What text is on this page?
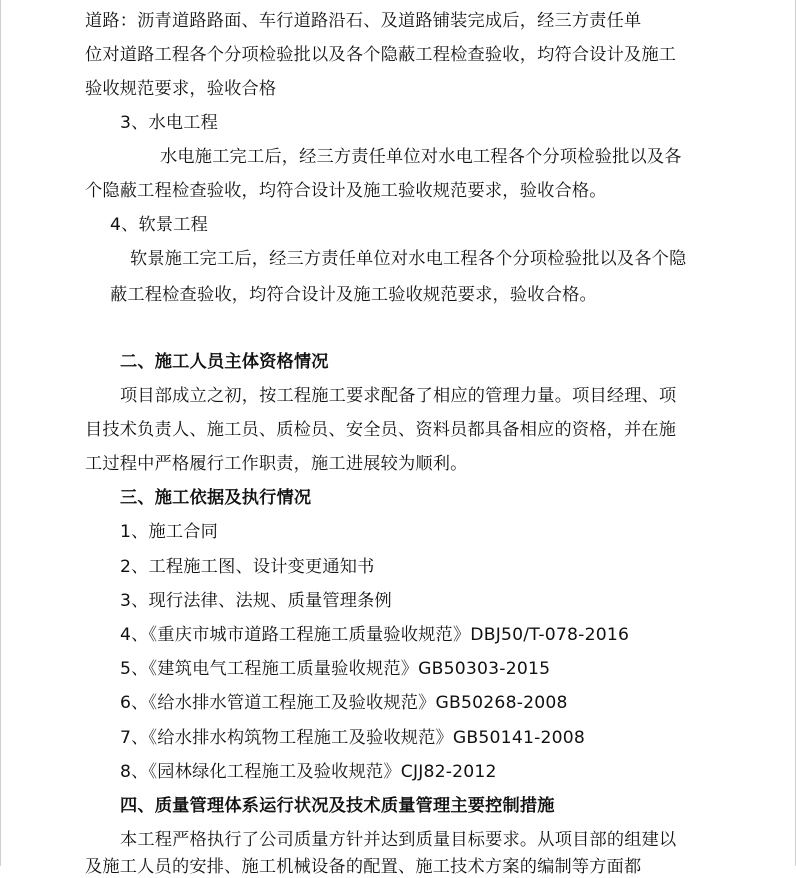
道路：沥青道路路面、车行道路沿石、及道路铺装完成后，经三方责任单
位对道路工程各个分项检验批以及各个隐蔽工程检查验收，均符合设计及施工
验收规范要求，验收合格
3、水电工程
水电施工完工后，经三方责任单位对水电工程各个分项检验批以及各
个隐蔽工程检查验收，均符合设计及施工验收规范要求，验收合格。
4、软景工程
软景施工完工后，经三方责任单位对水电工程各个分项检验批以及各个隐
蔽工程检查验收，均符合设计及施工验收规范要求，验收合格。
二、施工人员主体资格情况
项目部成立之初，按工程施工要求配备了相应的管理力量。项目经理、项
目技术负责人、施工员、质检员、安全员、资料员都具备相应的资格，并在施
工过程中严格履行工作职责，施工进展较为顺利。
三、施工依据及执行情况
1、施工合同
2、工程施工图、设计变更通知书
3、现行法律、法规、质量管理条例
4、《重庆市城市道路工程施工质量验收规范》DBJ50/T-078-2016
5、《建筑电气工程施工质量验收规范》GB50303-2015
6、《给水排水管道工程施工及验收规范》GB50268-2008
7、《给水排水构筑物工程施工及验收规范》GB50141-2008
8、《园林绿化工程施工及验收规范》CJJ82-2012
四、质量管理体系运行状况及技术质量管理主要控制措施
本工程严格执行了公司质量方针并达到质量目标要求。从项目部的组建以
及施工人员的安排、施工机械设备的配置、施工技术方案的编制等方面都
